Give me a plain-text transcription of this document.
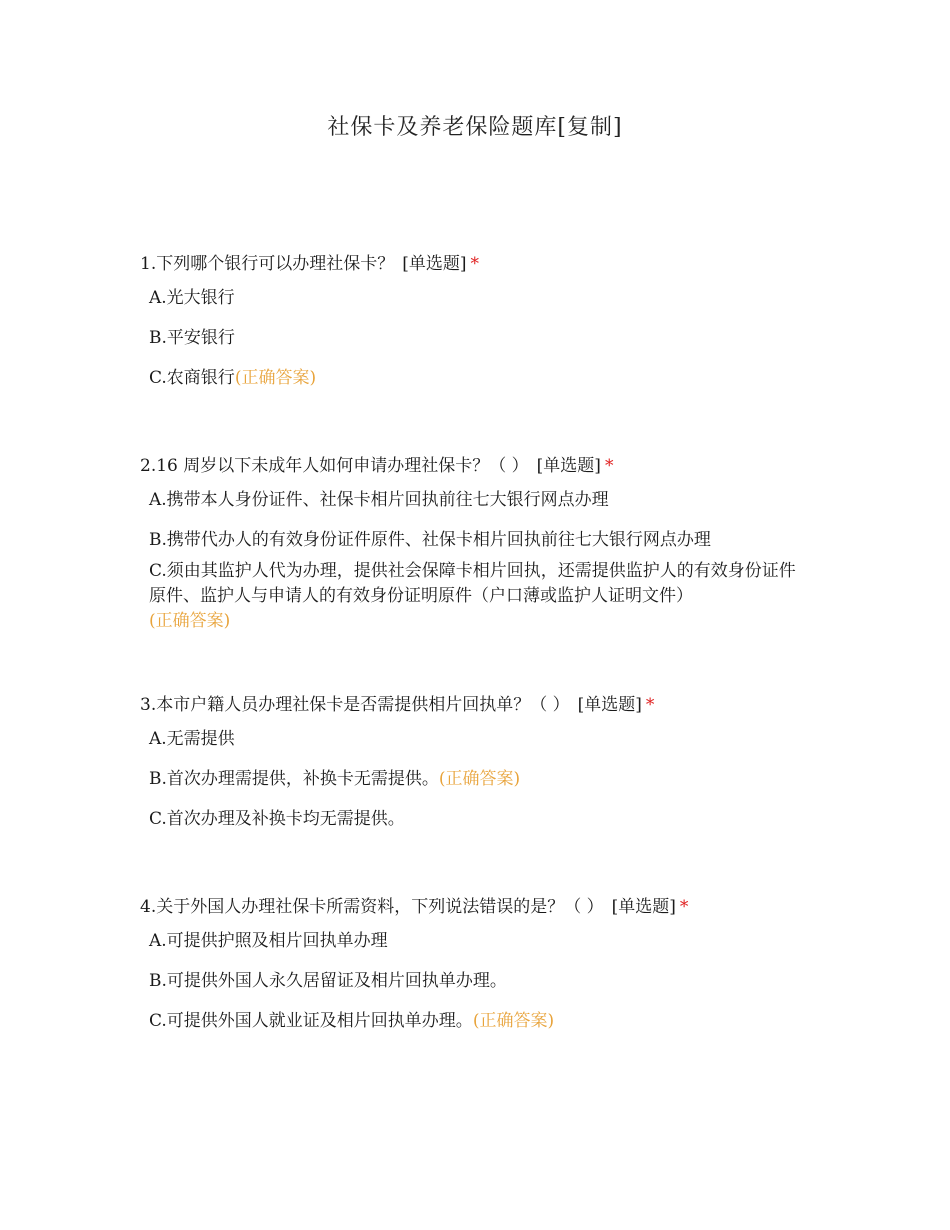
社保卡及养老保险题库[复制]
1.下列哪个银行可以办理社保卡？ [单选题] *
A.光大银行
B.平安银行
C.农商银行(正确答案)
2.16 周岁以下未成年人如何申请办理社保卡？（ ） [单选题] *
A.携带本人身份证件、社保卡相片回执前往七大银行网点办理
B.携带代办人的有效身份证件原件、社保卡相片回执前往七大银行网点办理
C.须由其监护人代为办理，提供社会保障卡相片回执，还需提供监护人的有效身份证件原件、监护人与申请人的有效身份证明原件（户口薄或监护人证明文件）
(正确答案)
3.本市户籍人员办理社保卡是否需提供相片回执单？（ ） [单选题] *
A.无需提供
B.首次办理需提供，补换卡无需提供。(正确答案)
C.首次办理及补换卡均无需提供。
4.关于外国人办理社保卡所需资料，下列说法错误的是？（ ） [单选题] *
A.可提供护照及相片回执单办理
B.可提供外国人永久居留证及相片回执单办理。
C.可提供外国人就业证及相片回执单办理。(正确答案)
